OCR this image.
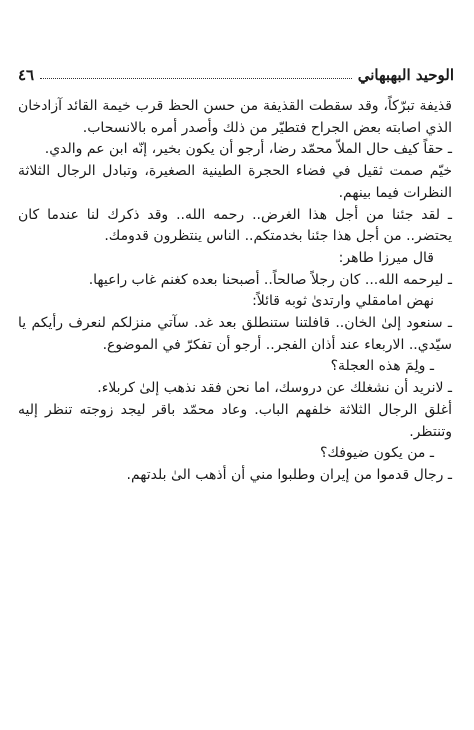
الوحيد البهبهاني
٤٦

قذيفة تبرّكاً، وقد سقطت القذيفة من حسن الحظ قرب خيمة القائد آزادخان الذي اصابته بعض الجراح فتطيّر من ذلك وأصدر أمره بالانسحاب.

ـ حقاً كيف حال الملاّ محمّد رضا، أرجو أن يكون بخير، إنّه ابن عم والدي.

خيّم صمت ثقيل في فضاء الحجرة الطينية الصغيرة، وتبادل الرجال الثلاثة النظرات فيما بينهم.

ـ لقد جئنا من أجل هذا الغرض.. رحمه الله.. وقد ذكرك لنا عندما كان يحتضر.. من أجل هذا جئنا بخدمتكم.. الناس ينتظرون قدومك.

قال ميرزا طاهر:

ـ ليرحمه الله... كان رجلاً صالحاً.. أصبحنا بعده كغنم غاب راعيها.

نهض امامقلي وارتدىٰ ثوبه قائلاً:

ـ سنعود إلىٰ الخان.. قافلتنا ستنطلق بعد غد. سآتي منزلكم لنعرف رأيكم يا سيّدي.. الاربعاء عند أذان الفجر.. أرجو أن تفكرّ في الموضوع.

ـ ولِمَ هذه العجلة؟

ـ لانريد أن نشغلك عن دروسك، اما نحن فقد نذهب إلىٰ كربلاء.

أغلق الرجال الثلاثة خلفهم الباب. وعاد محمّد باقر ليجد زوجته تنظر إليه وتنتظر.

ـ من يكون ضيوفك؟

ـ رجال قدموا من إيران وطلبوا مني أن أذهب الىٰ بلدتهم.
